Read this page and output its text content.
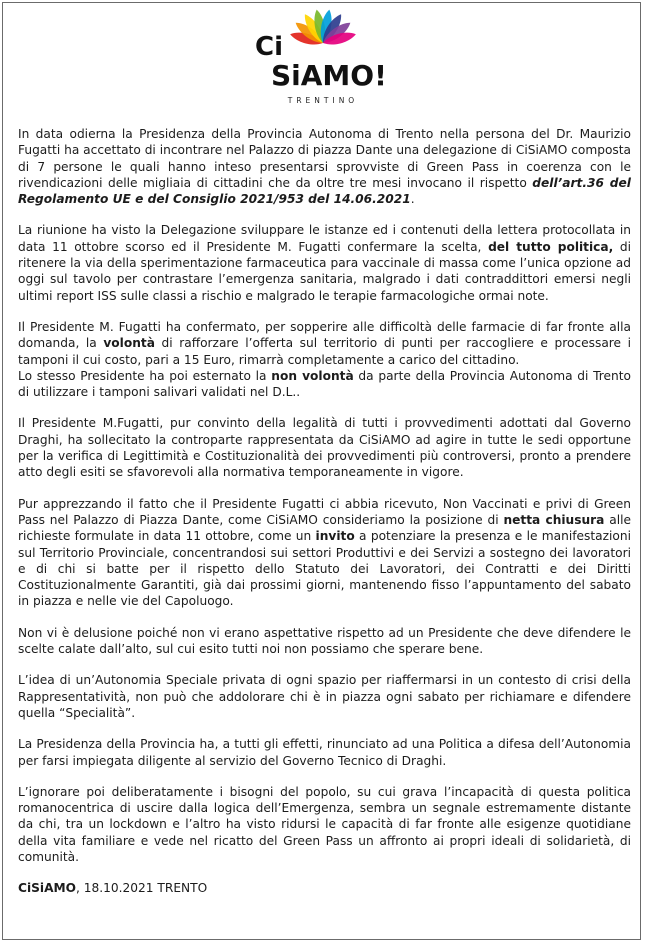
Ci
SiAMO!
TRENTINO

In data odierna la Presidenza della Provincia Autonoma di Trento nella persona del Dr. Maurizio Fugatti ha accettato di incontrare nel Palazzo di piazza Dante una delegazione di CiSiAMO composta di 7 persone le quali hanno inteso presentarsi sprovviste di Green Pass in coerenza con le rivendicazioni delle migliaia di cittadini che da oltre tre mesi invocano il rispetto dell’art.36 del Regolamento UE e del Consiglio 2021/953 del 14.06.2021.

La riunione ha visto la Delegazione sviluppare le istanze ed i contenuti della lettera protocollata in data 11 ottobre scorso ed il Presidente M. Fugatti confermare la scelta, del tutto politica, di ritenere la via della sperimentazione farmaceutica para vaccinale di massa come l’unica opzione ad oggi sul tavolo per contrastare l’emergenza sanitaria, malgrado i dati contraddittori emersi negli ultimi report ISS sulle classi a rischio e malgrado le terapie farmacologiche ormai note.

Il Presidente M. Fugatti ha confermato, per sopperire alle difficoltà delle farmacie di far fronte alla domanda, la volontà di rafforzare l’offerta sul territorio di punti per raccogliere e processare i tamponi il cui costo, pari a 15 Euro, rimarrà completamente a carico del cittadino.
Lo stesso Presidente ha poi esternato la non volontà da parte della Provincia Autonoma di Trento di utilizzare i tamponi salivari validati nel D.L..

Il Presidente M.Fugatti, pur convinto della legalità di tutti i provvedimenti adottati dal Governo Draghi, ha sollecitato la controparte rappresentata da CiSiAMO ad agire in tutte le sedi opportune per la verifica di Legittimità e Costituzionalità dei provvedimenti più controversi, pronto a prendere atto degli esiti se sfavorevoli alla normativa temporaneamente in vigore.

Pur apprezzando il fatto che il Presidente Fugatti ci abbia ricevuto, Non Vaccinati e privi di Green Pass nel Palazzo di Piazza Dante, come CiSiAMO consideriamo la posizione di netta chiusura alle richieste formulate in data 11 ottobre, come un invito a potenziare la presenza e le manifestazioni sul Territorio Provinciale, concentrandosi sui settori Produttivi e dei Servizi a sostegno dei lavoratori e di chi si batte per il rispetto dello Statuto dei Lavoratori, dei Contratti e dei Diritti Costituzionalmente Garantiti, già dai prossimi giorni, mantenendo fisso l’appuntamento del sabato in piazza e nelle vie del Capoluogo.

Non vi è delusione poiché non vi erano aspettative rispetto ad un Presidente che deve difendere le scelte calate dall’alto, sul cui esito tutti noi non possiamo che sperare bene.

L’idea di un’Autonomia Speciale privata di ogni spazio per riaffermarsi in un contesto di crisi della Rappresentatività, non può che addolorare chi è in piazza ogni sabato per richiamare e difendere quella “Specialità”.

La Presidenza della Provincia ha, a tutti gli effetti, rinunciato ad una Politica a difesa dell’Autonomia per farsi impiegata diligente al servizio del Governo Tecnico di Draghi.

L’ignorare poi deliberatamente i bisogni del popolo, su cui grava l’incapacità di questa politica romanocentrica di uscire dalla logica dell’Emergenza, sembra un segnale estremamente distante da chi, tra un lockdown e l’altro ha visto ridursi le capacità di far fronte alle esigenze quotidiane della vita familiare e vede nel ricatto del Green Pass un affronto ai propri ideali di solidarietà, di comunità.

CiSiAMO, 18.10.2021 TRENTO
